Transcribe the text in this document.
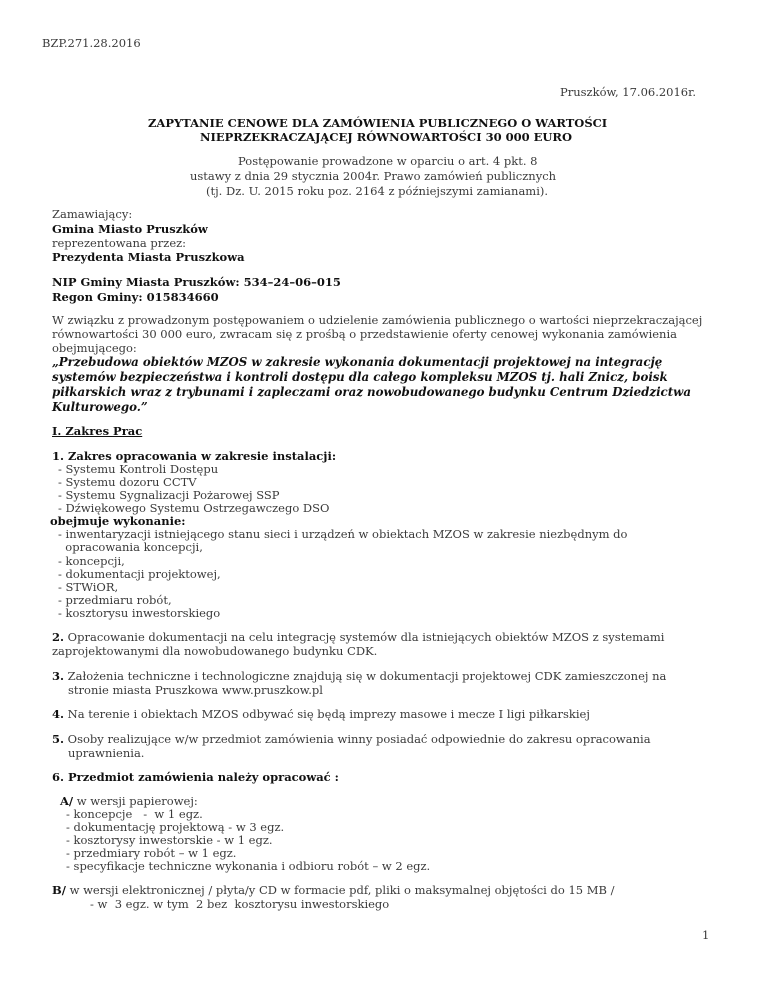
BZP.271.28.2016
Pruszków, 17.06.2016r.
ZAPYTANIE CENOWE DLA ZAMÓWIENIA PUBLICZNEGO O WARTOŚCI
NIEPRZEKRACZAJĄCEJ RÓWNOWARTOŚCI 30 000 EURO
Postępowanie prowadzone w oparciu o art. 4 pkt. 8
ustawy z dnia 29 stycznia 2004r. Prawo zamówień publicznych
(tj. Dz. U. 2015 roku poz. 2164 z późniejszymi zamianami).
Zamawiający:
Gmina Miasto Pruszków
reprezentowana przez:
Prezydenta Miasta Pruszkowa
NIP Gminy Miasta Pruszków: 534–24–06–015
Regon Gminy: 015834660
W związku z prowadzonym postępowaniem o udzielenie zamówienia publicznego o wartości nieprzekraczającej
równowartości 30 000 euro, zwracam się z prośbą o przedstawienie oferty cenowej wykonania zamówienia
obejmującego:
„Przebudowa obiektów MZOS w zakresie wykonania dokumentacji projektowej na integrację
systemów bezpieczeństwa i kontroli dostępu dla całego kompleksu MZOS tj. hali Znicz, boisk
piłkarskich wraz z trybunami i zapleczami oraz nowobudowanego budynku Centrum Dziedzictwa
Kulturowego.”
I. Zakres Prac
1. Zakres opracowania w zakresie instalacji:
- Systemu Kontroli Dostępu
- Systemu dozoru CCTV
- Systemu Sygnalizacji Pożarowej SSP
- Dźwiękowego Systemu Ostrzegawczego DSO
obejmuje wykonanie:
- inwentaryzacji istniejącego stanu sieci i urządzeń w obiektach MZOS w zakresie niezbędnym do
opracowania koncepcji,
- koncepcji,
- dokumentacji projektowej,
- STWiOR,
- przedmiaru robót,
- kosztorysu inwestorskiego
2. Opracowanie dokumentacji na celu integrację systemów dla istniejących obiektów MZOS z systemami
zaprojektowanymi dla nowobudowanego budynku CDK.
3. Założenia techniczne i technologiczne znajdują się w dokumentacji projektowej CDK zamieszczonej na
stronie miasta Pruszkowa www.pruszkow.pl
4. Na terenie i obiektach MZOS odbywać się będą imprezy masowe i mecze I ligi piłkarskiej
5. Osoby realizujące w/w przedmiot zamówienia winny posiadać odpowiednie do zakresu opracowania
uprawnienia.
6. Przedmiot zamówienia należy opracować :
A/ w wersji papierowej:
- koncepcje   -  w 1 egz.
- dokumentację projektową - w 3 egz.
- kosztorysy inwestorskie - w 1 egz.
- przedmiary robót – w 1 egz.
- specyfikacje techniczne wykonania i odbioru robót – w 2 egz.
B/ w wersji elektronicznej / płyta/y CD w formacie pdf, pliki o maksymalnej objętości do 15 MB /
- w  3 egz. w tym  2 bez  kosztorysu inwestorskiego
1
